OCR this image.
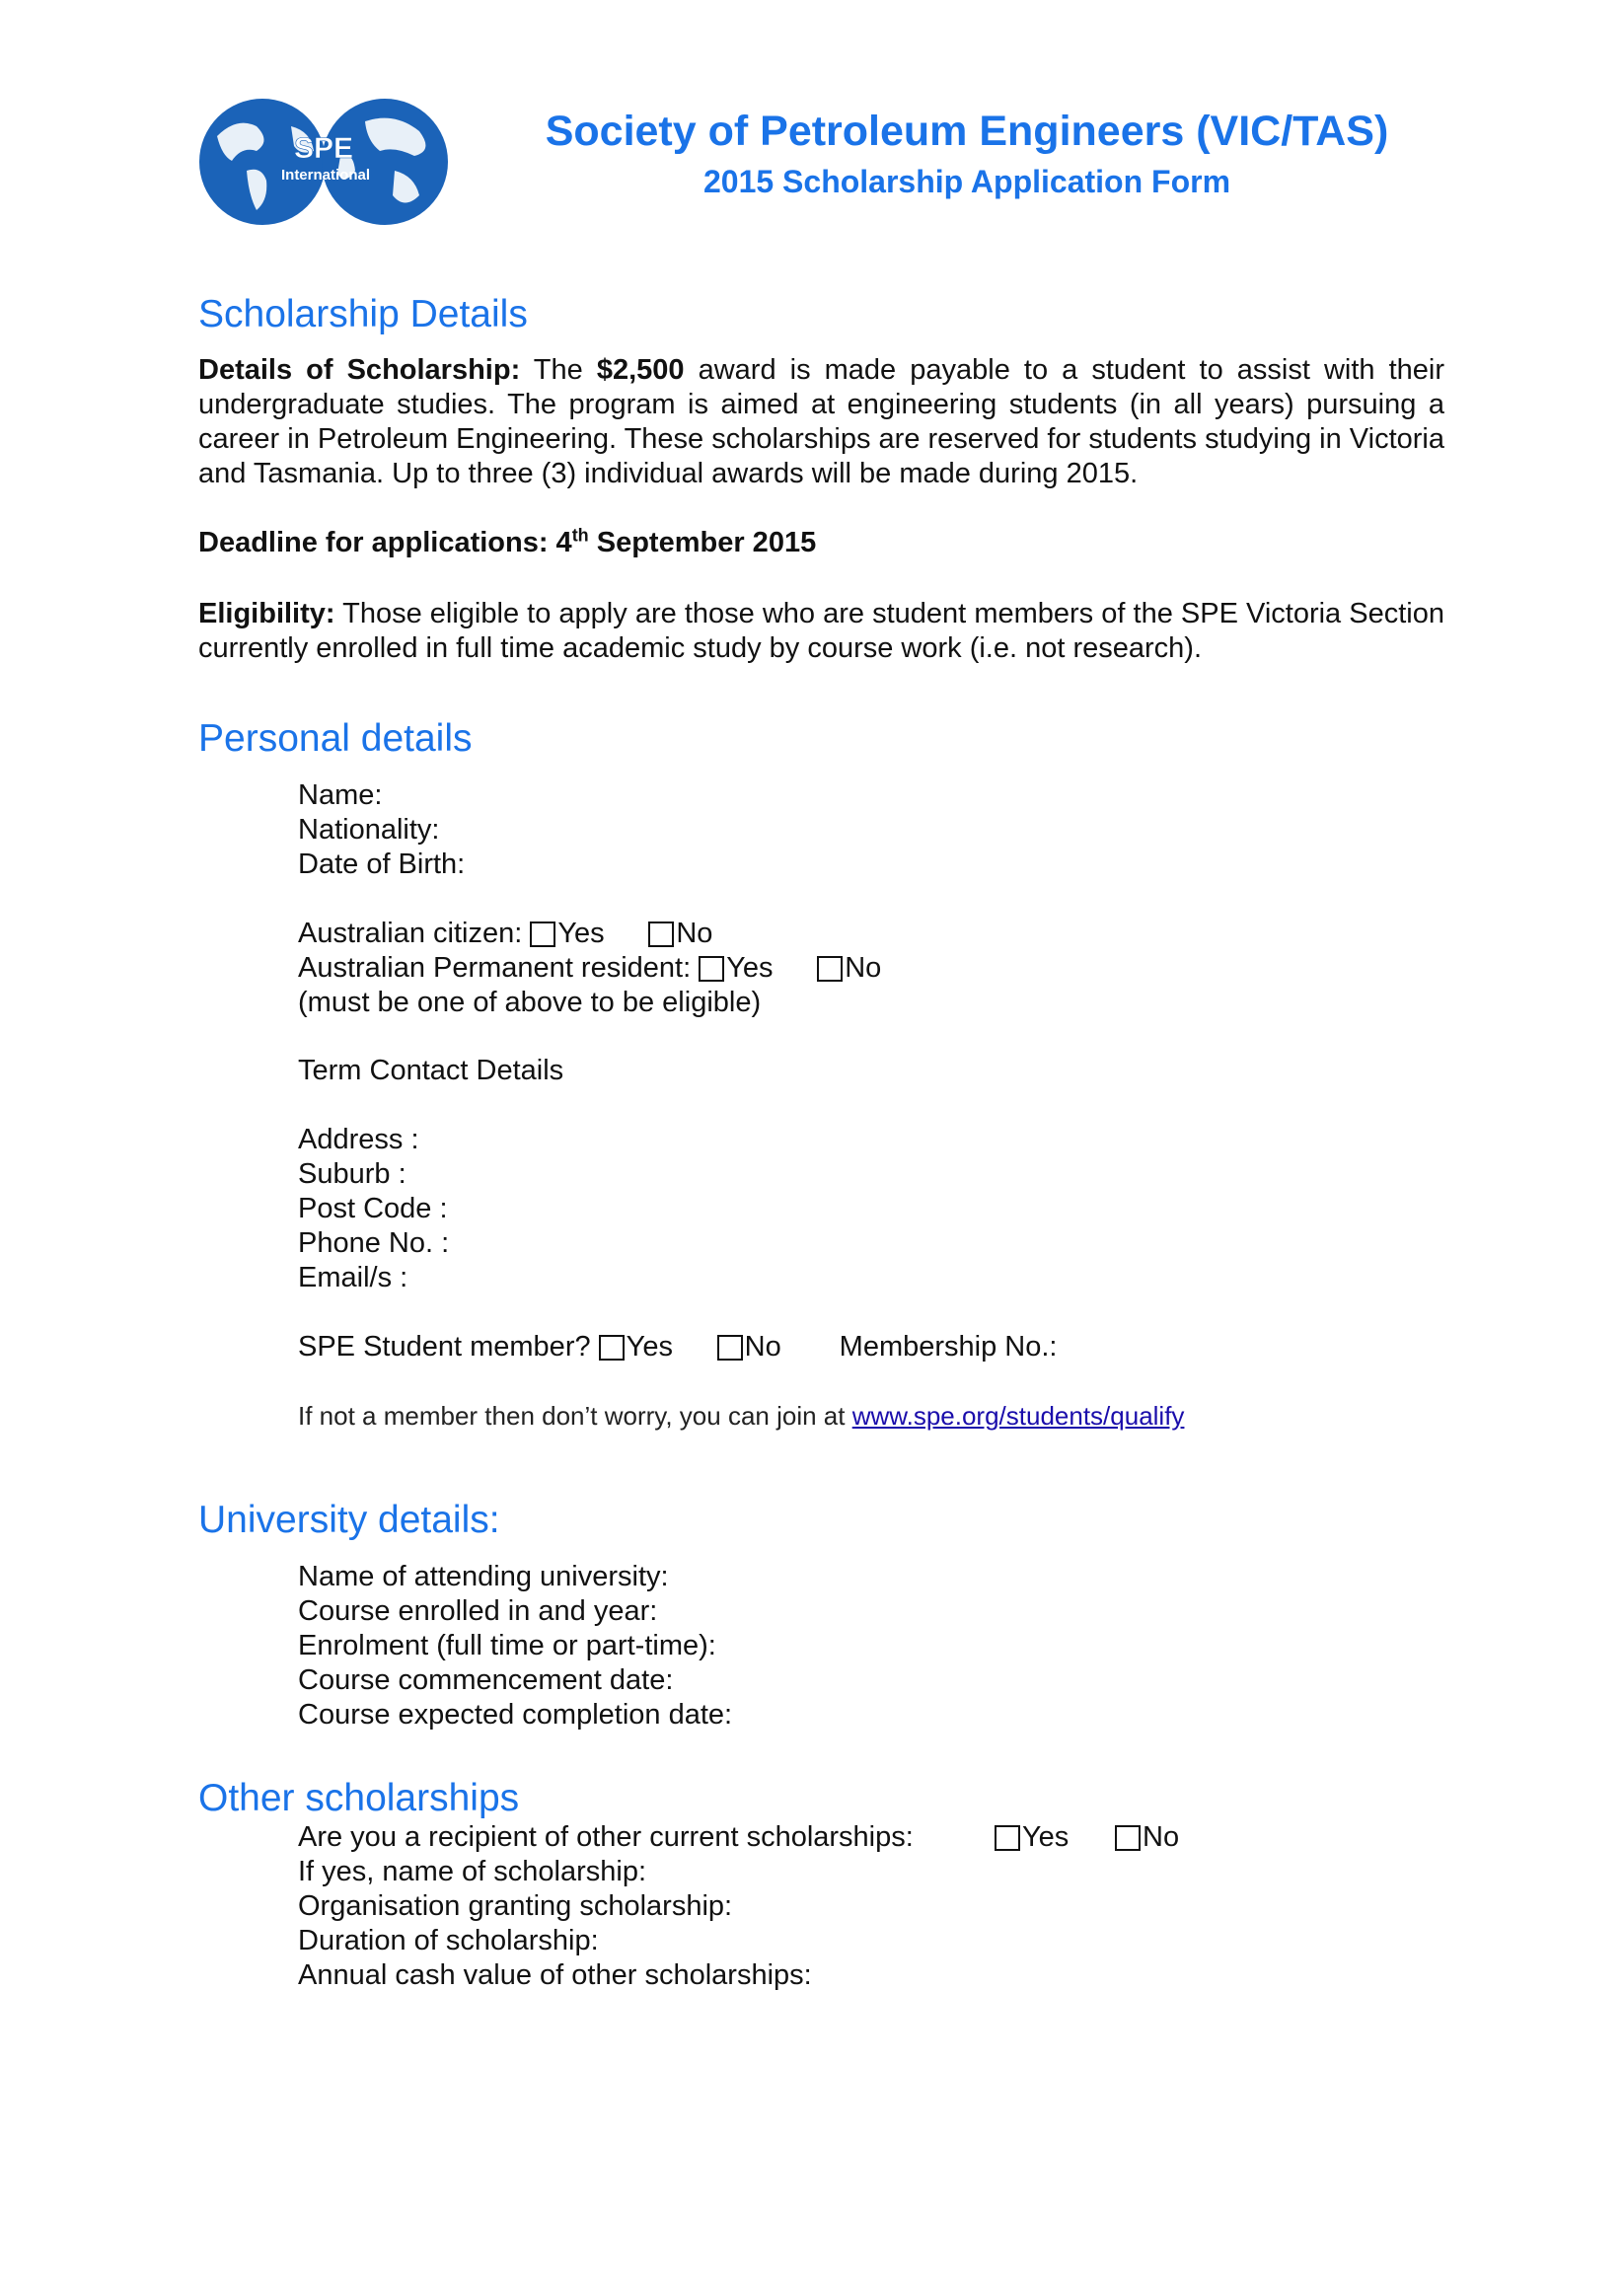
SPE
International
Society of Petroleum Engineers (VIC/TAS)
2015 Scholarship Application Form
Scholarship Details

Details of Scholarship: The $2,500 award is made payable to a student to assist with their undergraduate studies. The program is aimed at engineering students (in all years) pursuing a career in Petroleum Engineering. These scholarships are reserved for students studying in Victoria and Tasmania. Up to three (3) individual awards will be made during 2015.

Deadline for applications: 4th September 2015

Eligibility: Those eligible to apply are those who are student members of the SPE Victoria Section currently enrolled in full time academic study by course work (i.e. not research).

Personal details
Name:
Nationality:
Date of Birth:
Australian citizen: Yes	No
Australian Permanent resident: Yes	No
(must be one of above to be eligible)
Term Contact Details
Address :
Suburb :
Post Code :
Phone No. :
Email/s :
SPE Student member? Yes	No Membership No.:
If not a member then don’t worry, you can join at www.spe.org/students/qualify
University details:
Name of attending university:
Course enrolled in and year:
Enrolment (full time or part-time):
Course commencement date:
Course expected completion date:
Other scholarships
Are you a recipient of other current scholarships:	Yes	No
If yes, name of scholarship:
Organisation granting scholarship:
Duration of scholarship:
Annual cash value of other scholarships:
